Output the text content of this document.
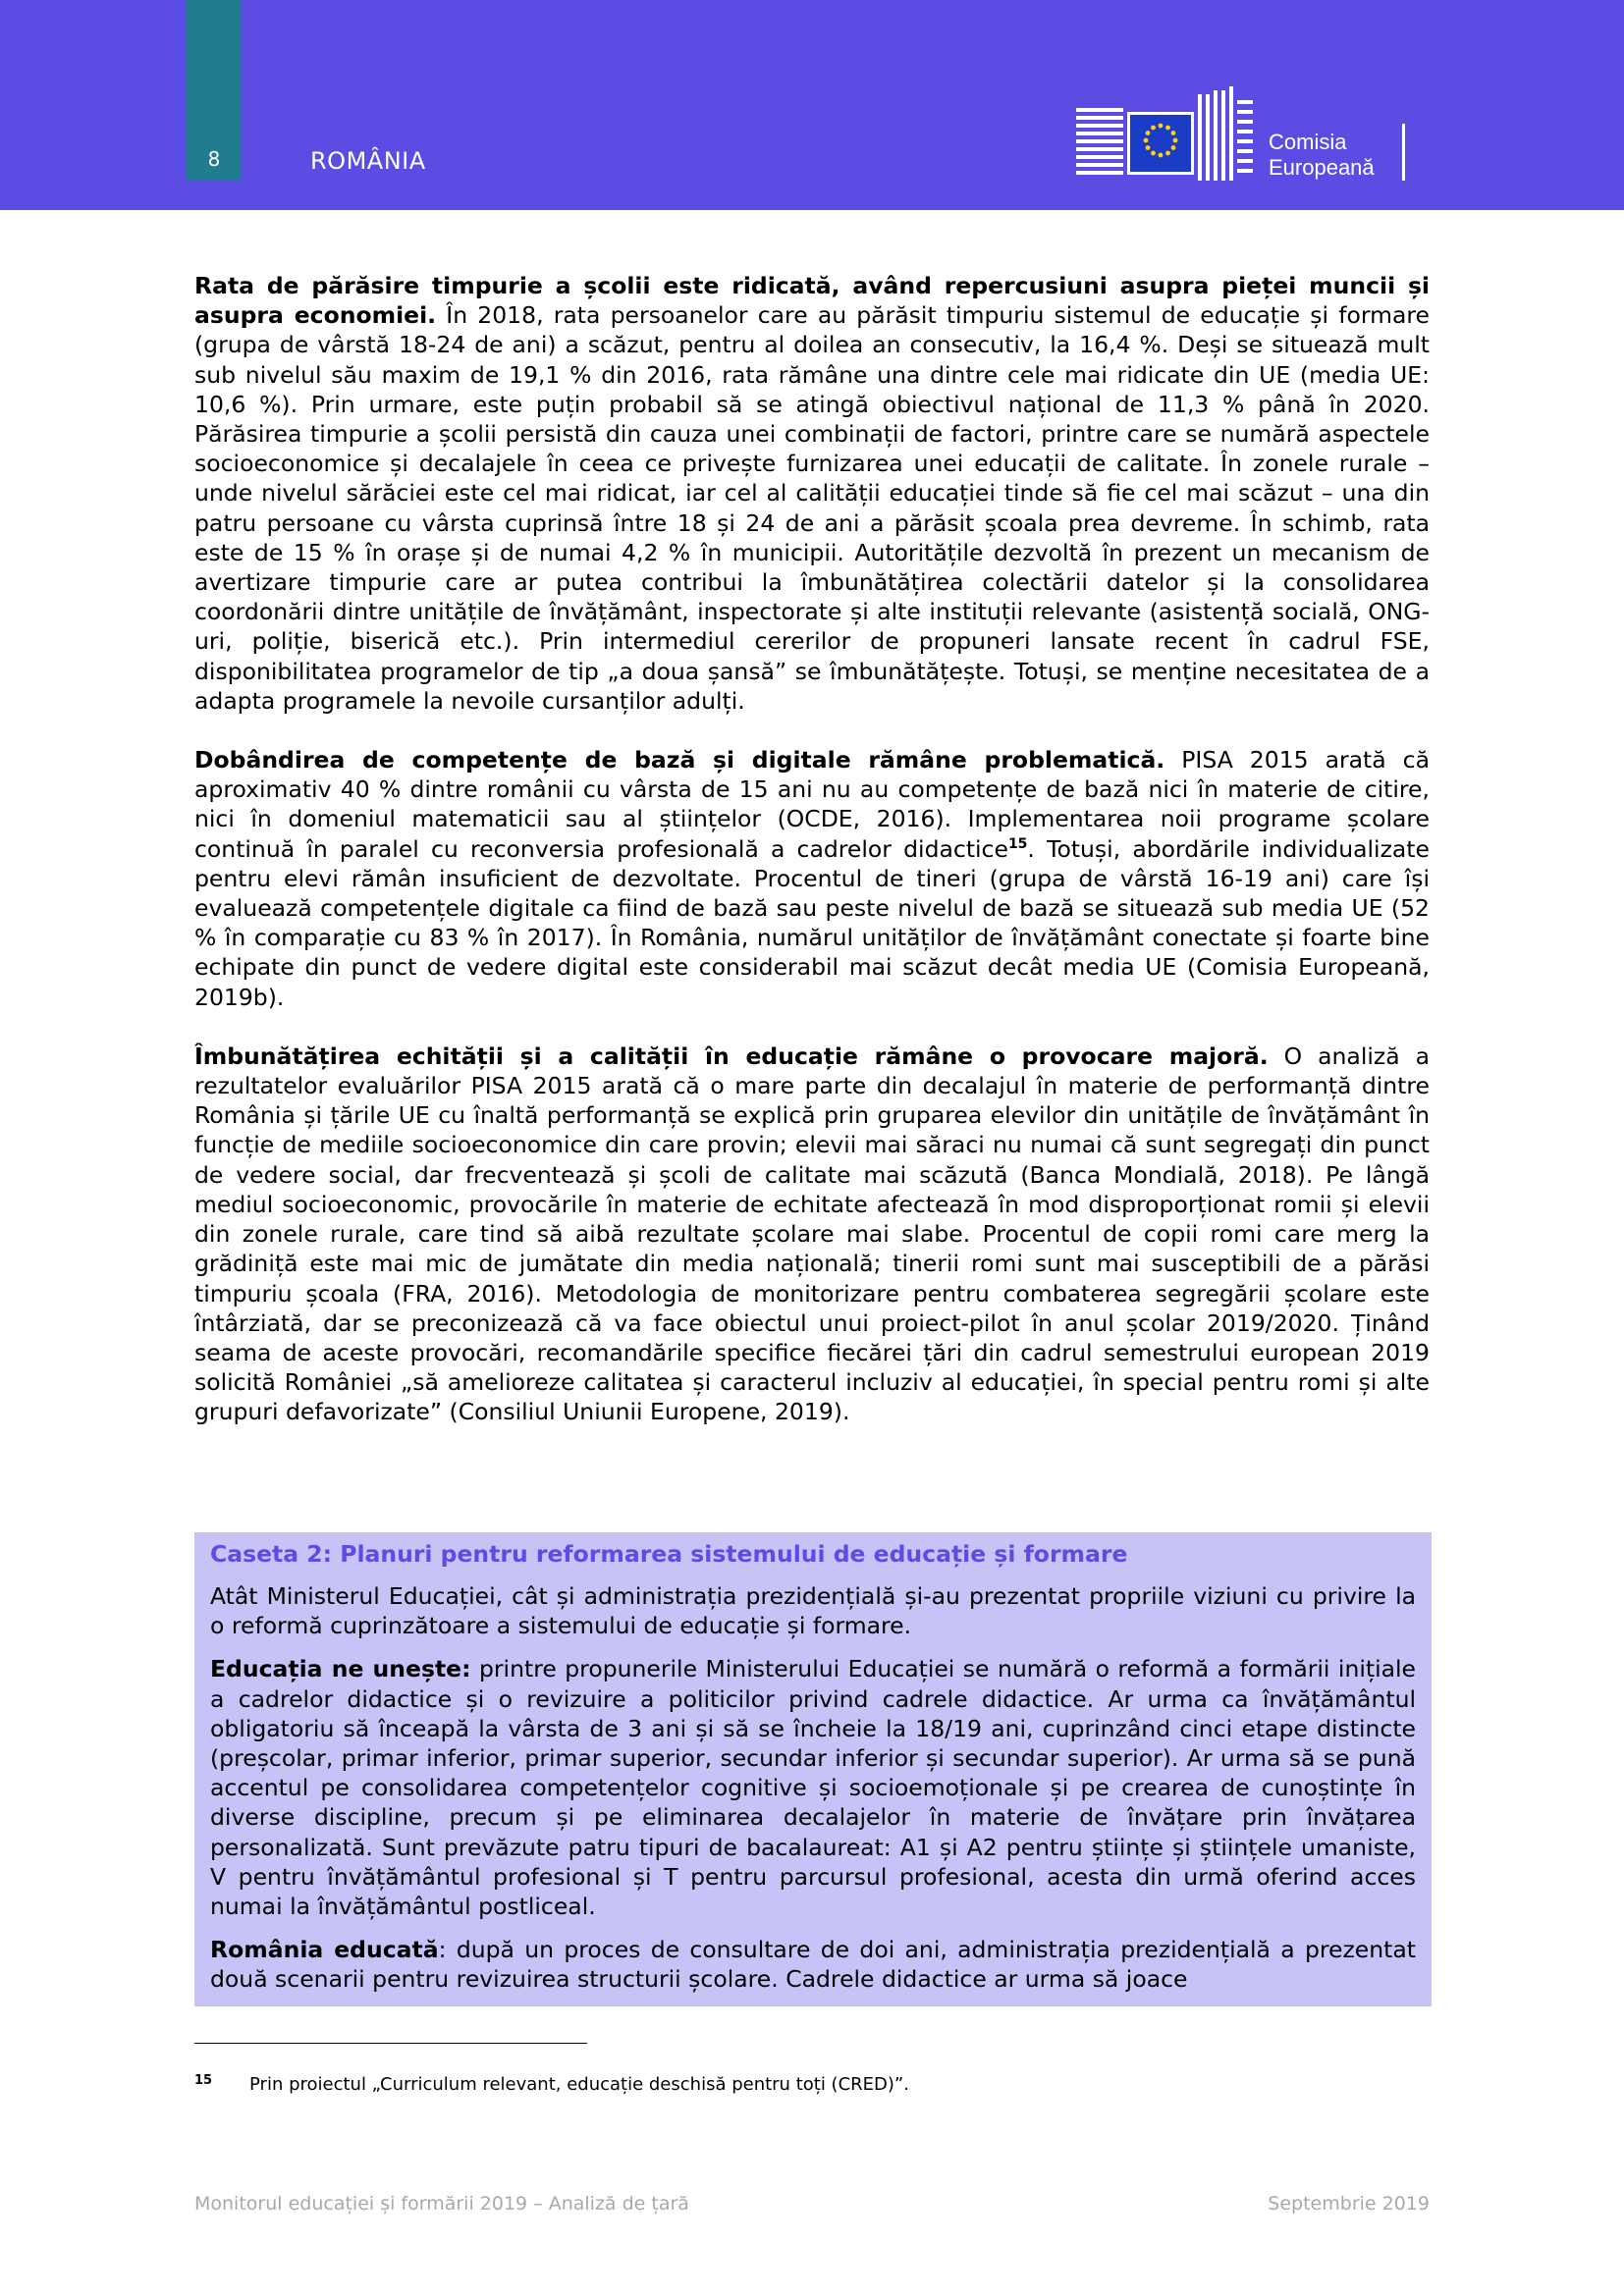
8	ROMÂNIA
Comisia
Europeană

Rata de părăsire timpurie a școlii este ridicată, având repercusiuni asupra pieței muncii și asupra economiei. În 2018, rata persoanelor care au părăsit timpuriu sistemul de educație și formare (grupa de vârstă 18-24 de ani) a scăzut, pentru al doilea an consecutiv, la 16,4 %. Deși se situează mult sub nivelul său maxim de 19,1 % din 2016, rata rămâne una dintre cele mai ridicate din UE (media UE: 10,6 %). Prin urmare, este puțin probabil să se atingă obiectivul național de 11,3 % până în 2020. Părăsirea timpurie a școlii persistă din cauza unei combinații de factori, printre care se numără aspectele socioeconomice și decalajele în ceea ce privește furnizarea unei educații de calitate. În zonele rurale – unde nivelul sărăciei este cel mai ridicat, iar cel al calității educației tinde să fie cel mai scăzut – una din patru persoane cu vârsta cuprinsă între 18 și 24 de ani a părăsit școala prea devreme. În schimb, rata este de 15 % în orașe și de numai 4,2 % în municipii. Autoritățile dezvoltă în prezent un mecanism de avertizare timpurie care ar putea contribui la îmbunătățirea colectării datelor și la consolidarea coordonării dintre unitățile de învățământ, inspectorate și alte instituții relevante (asistență socială, ONG-uri, poliție, biserică etc.). Prin intermediul cererilor de propuneri lansate recent în cadrul FSE, disponibilitatea programelor de tip „a doua șansă” se îmbunătățește. Totuși, se menține necesitatea de a adapta programele la nevoile cursanților adulți.

Dobândirea de competențe de bază și digitale rămâne problematică. PISA 2015 arată că aproximativ 40 % dintre românii cu vârsta de 15 ani nu au competențe de bază nici în materie de citire, nici în domeniul matematicii sau al științelor (OCDE, 2016). Implementarea noii programe școlare continuă în paralel cu reconversia profesională a cadrelor didactice$^{15}$. Totuși, abordările individualizate pentru elevi rămân insuficient de dezvoltate. Procentul de tineri (grupa de vârstă 16-19 ani) care își evaluează competențele digitale ca fiind de bază sau peste nivelul de bază se situează sub media UE (52 % în comparație cu 83 % în 2017). În România, numărul unităților de învățământ conectate și foarte bine echipate din punct de vedere digital este considerabil mai scăzut decât media UE (Comisia Europeană, 2019b).

Îmbunătățirea echității și a calității în educație rămâne o provocare majoră. O analiză a rezultatelor evaluărilor PISA 2015 arată că o mare parte din decalajul în materie de performanță dintre România și țările UE cu înaltă performanță se explică prin gruparea elevilor din unitățile de învățământ în funcție de mediile socioeconomice din care provin; elevii mai săraci nu numai că sunt segregați din punct de vedere social, dar frecventează și școli de calitate mai scăzută (Banca Mondială, 2018). Pe lângă mediul socioeconomic, provocările în materie de echitate afectează în mod disproporționat romii și elevii din zonele rurale, care tind să aibă rezultate școlare mai slabe. Procentul de copii romi care merg la grădiniță este mai mic de jumătate din media națională; tinerii romi sunt mai susceptibili de a părăsi timpuriu școala (FRA, 2016). Metodologia de monitorizare pentru combaterea segregării școlare este întârziată, dar se preconizează că va face obiectul unui proiect-pilot în anul școlar 2019/2020. Ținând seama de aceste provocări, recomandările specifice fiecărei țări din cadrul semestrului european 2019 solicită României „să amelioreze calitatea și caracterul incluziv al educației, în special pentru romi și alte grupuri defavorizate” (Consiliul Uniunii Europene, 2019).

Caseta 2: Planuri pentru reformarea sistemului de educație și formare

Atât Ministerul Educației, cât și administrația prezidențială și-au prezentat propriile viziuni cu privire la o reformă cuprinzătoare a sistemului de educație și formare.

Educația ne unește: printre propunerile Ministerului Educației se numără o reformă a formării inițiale a cadrelor didactice și o revizuire a politicilor privind cadrele didactice. Ar urma ca învățământul obligatoriu să înceapă la vârsta de 3 ani și să se încheie la 18/19 ani, cuprinzând cinci etape distincte (preșcolar, primar inferior, primar superior, secundar inferior și secundar superior). Ar urma să se pună accentul pe consolidarea competențelor cognitive și socioemoționale și pe crearea de cunoștințe în diverse discipline, precum și pe eliminarea decalajelor în materie de învățare prin învățarea personalizată. Sunt prevăzute patru tipuri de bacalaureat: A1 și A2 pentru științe și științele umaniste, V pentru învățământul profesional și T pentru parcursul profesional, acesta din urmă oferind acces numai la învățământul postliceal.

România educată: după un proces de consultare de doi ani, administrația prezidențială a prezentat două scenarii pentru revizuirea structurii școlare. Cadrele didactice ar urma să joace

15 Prin proiectul „Curriculum relevant, educație deschisă pentru toți (CRED)”.
Monitorul educației și formării 2019 – Analiză de țară	Septembrie 2019
